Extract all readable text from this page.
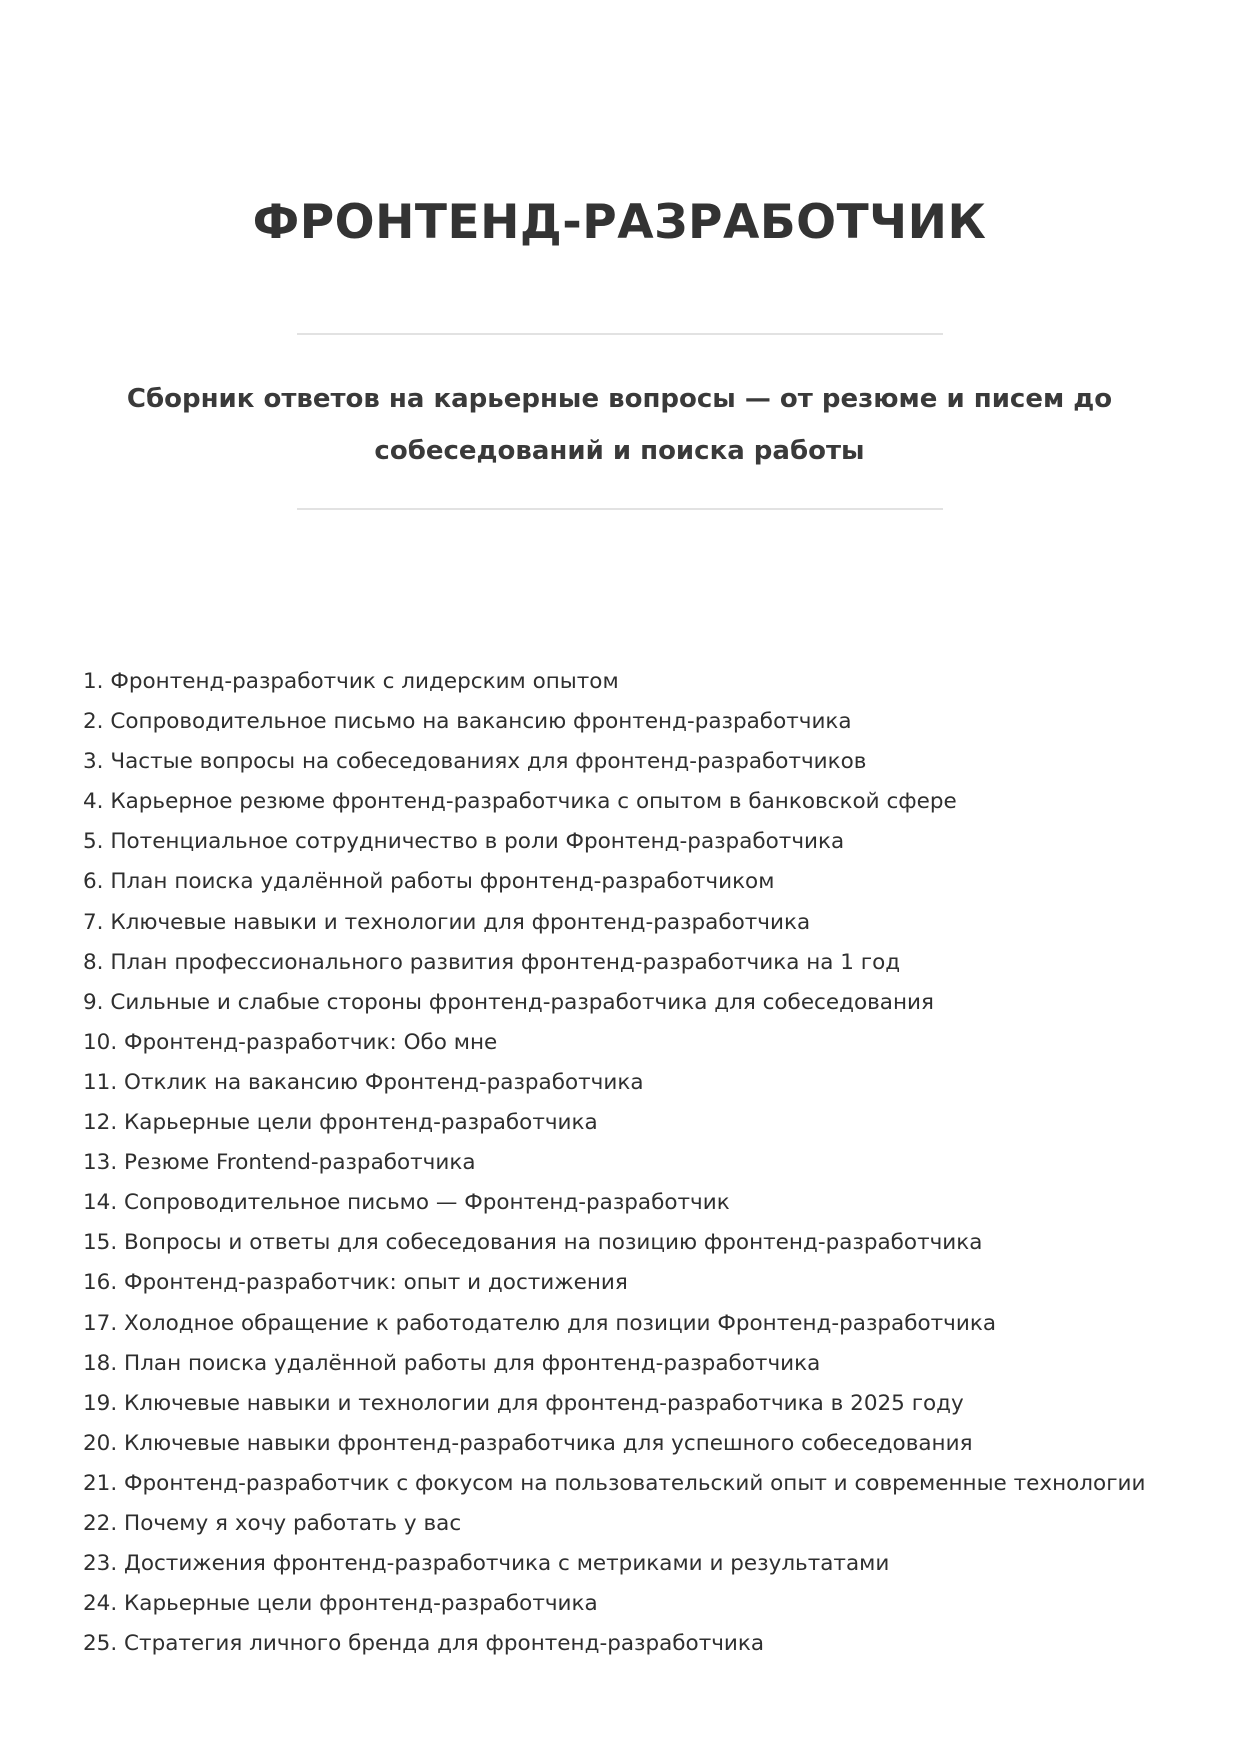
ФРОНТЕНД-РАЗРАБОТЧИК

Сборник ответов на карьерные вопросы — от резюме и писем до собеседований и поиска работы

1. Фронтенд-разработчик с лидерским опытом
2. Сопроводительное письмо на вакансию фронтенд-разработчика
3. Частые вопросы на собеседованиях для фронтенд-разработчиков
4. Карьерное резюме фронтенд-разработчика с опытом в банковской сфере
5. Потенциальное сотрудничество в роли Фронтенд-разработчика
6. План поиска удалённой работы фронтенд-разработчиком
7. Ключевые навыки и технологии для фронтенд-разработчика
8. План профессионального развития фронтенд-разработчика на 1 год
9. Сильные и слабые стороны фронтенд-разработчика для собеседования
10. Фронтенд-разработчик: Обо мне
11. Отклик на вакансию Фронтенд-разработчика
12. Карьерные цели фронтенд-разработчика
13. Резюме Frontend-разработчика
14. Сопроводительное письмо — Фронтенд-разработчик
15. Вопросы и ответы для собеседования на позицию фронтенд-разработчика
16. Фронтенд-разработчик: опыт и достижения
17. Холодное обращение к работодателю для позиции Фронтенд-разработчика
18. План поиска удалённой работы для фронтенд-разработчика
19. Ключевые навыки и технологии для фронтенд-разработчика в 2025 году
20. Ключевые навыки фронтенд-разработчика для успешного собеседования
21. Фронтенд-разработчик с фокусом на пользовательский опыт и современные технологии
22. Почему я хочу работать у вас
23. Достижения фронтенд-разработчика с метриками и результатами
24. Карьерные цели фронтенд-разработчика
25. Стратегия личного бренда для фронтенд-разработчика
